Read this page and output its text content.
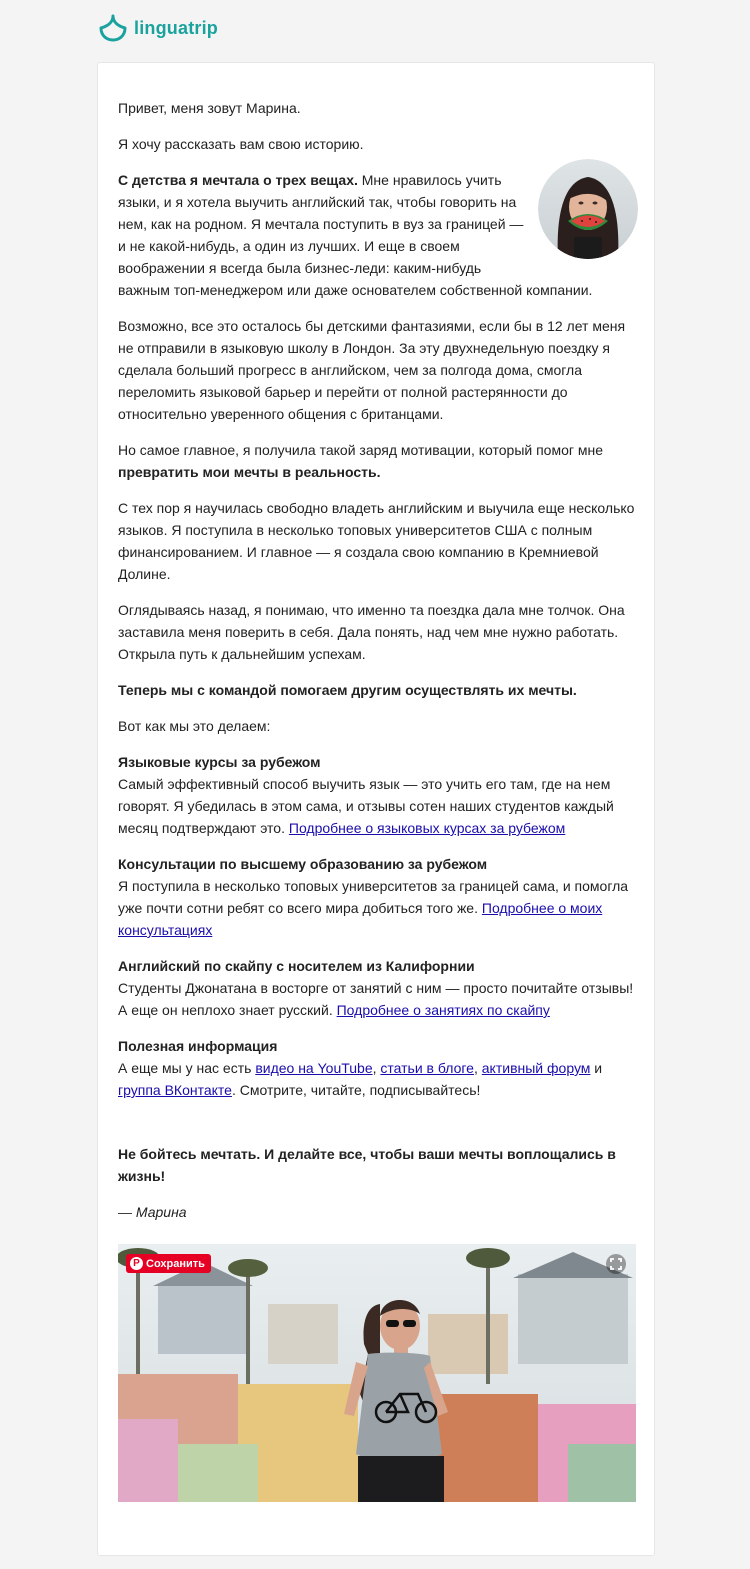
linguatrip

Привет, меня зовут Марина.

Я хочу рассказать вам свою историю.

С детства я мечтала о трех вещах. Мне нравилось учить языки, и я хотела выучить английский так, чтобы говорить на нем, как на родном. Я мечтала поступить в вуз за границей — и не какой-нибудь, а один из лучших. И еще в своем воображении я всегда была бизнес-леди: каким-нибудь важным топ-менеджером или даже основателем собственной компании.

Возможно, все это осталось бы детскими фантазиями, если бы в 12 лет меня не отправили в языковую школу в Лондон. За эту двухнедельную поездку я сделала больший прогресс в английском, чем за полгода дома, смогла переломить языковой барьер и перейти от полной растерянности до относительно уверенного общения с британцами.

Но самое главное, я получила такой заряд мотивации, который помог мне превратить мои мечты в реальность.

С тех пор я научилась свободно владеть английским и выучила еще несколько языков. Я поступила в несколько топовых университетов США с полным финансированием. И главное — я создала свою компанию в Кремниевой Долине.

Оглядываясь назад, я понимаю, что именно та поездка дала мне толчок. Она заставила меня поверить в себя. Дала понять, над чем мне нужно работать. Открыла путь к дальнейшим успехам.

Теперь мы с командой помогаем другим осуществлять их мечты.

Вот как мы это делаем:

Языковые курсы за рубежом
Самый эффективный способ выучить язык — это учить его там, где на нем говорят. Я убедилась в этом сама, и отзывы сотен наших студентов каждый месяц подтверждают это. Подробнее о языковых курсах за рубежом

Консультации по высшему образованию за рубежом
Я поступила в несколько топовых университетов за границей сама, и помогла уже почти сотни ребят со всего мира добиться того же. Подробнее о моих консультациях

Английский по скайпу с носителем из Калифорнии
Студенты Джонатана в восторге от занятий с ним — просто почитайте отзывы! А еще он неплохо знает русский. Подробнее о занятиях по скайпу

Полезная информация
А еще мы у нас есть видео на YouTube, статьи в блоге, активный форум и группа ВКонтакте. Смотрите, читайте, подписывайтесь!

Не бойтесь мечтать. И делайте все, чтобы ваши мечты воплощались в жизнь!

— Марина

P Сохранить
